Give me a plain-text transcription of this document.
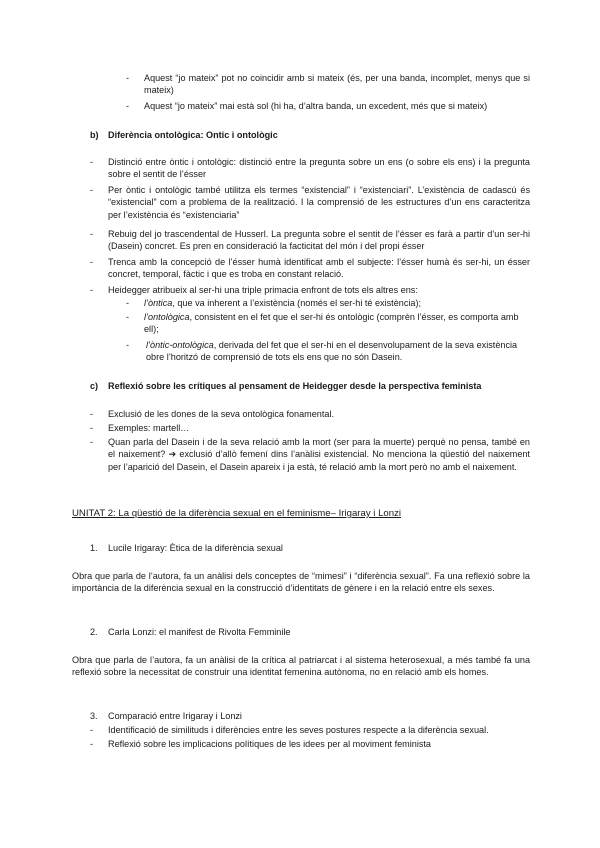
-	Aquest “jo mateix” pot no coincidir amb si mateix (és, per una banda, incomplet, menys que si mateix)
-	Aquest “jo mateix” mai està sol (hi ha, d’altra banda, un excedent, més que si mateix)
b) Diferència ontològica: Ontic i ontològic
-	Distinció entre òntic i ontològic: distinció entre la pregunta sobre un ens (o sobre els ens) i la pregunta sobre el sentit de l’ésser
-	Per òntic i ontològic també utilitza els termes “existencial” i “existenciari”. L’existència de cadascú és “existencial” com a problema de la realització. I la comprensió de les estructures d’un ens caracteritza per l’existència és “existenciaria”
-	Rebuig del jo trascendental de Husserl. La pregunta sobre el sentit de l’ésser es farà a partir d’un ser-hi (Dasein) concret. Es pren en consideració la facticitat del món i del propi ésser
-	Trenca amb la concepció de l’ésser humà identificat amb el subjecte: l’ésser humà és ser-hi, un ésser concret, temporal, fàctic i que es troba en constant relació.
-	Heidegger atribueix al ser-hi una triple primacia enfront de tots els altres ens:
-	l’òntica, que va inherent a l’existència (només el ser-hi té existència);
-	l’ontològica, consistent en el fet que el ser-hi és ontològic (comprèn l’ésser, es comporta amb ell);
-	l’òntic-ontològica, derivada del fet que el ser-hi en el desenvolupament de la seva existència obre l’horitzó de comprensió de tots els ens que no són Dasein.
c) Reflexió sobre les crítiques al pensament de Heidegger desde la perspectiva feminista
-	Exclusió de les dones de la seva ontològica fonamental.
-	Exemples: martell…
-	Quan parla del Dasein i de la seva relació amb la mort (ser para la muerte) perquè no pensa, també en el naixement? ➔ exclusió d’allò femení dins l’anàlisi existencial. No menciona la qüestió del naixement per l’aparició del Dasein, el Dasein apareix i ja està, té relació amb la mort però no amb el naixement.
UNITAT 2: La qüestió de la diferència sexual en el feminisme– Irigaray i Lonzi
1. Lucile Irigaray: Ètica de la diferència sexual
Obra que parla de l’autora, fa un anàlisi dels conceptes de “mimesi” i “diferència sexual”. Fa una reflexió sobre la importància de la diferència sexual en la construcció d’identitats de gènere i en la relació entre els sexes.
2. Carla Lonzi: el manifest de Rivolta Femminile
Obra que parla de l’autora, fa un anàlisi de la crítica al patriarcat i al sistema heterosexual, a més també fa una reflexió sobre la necessitat de construir una identitat femenina autònoma, no en relació amb els homes.
3. Comparació entre Irigaray i Lonzi
-	Identificació de similituds i diferències entre les seves postures respecte a la diferència sexual.
-	Reflexió sobre les implicacions polítiques de les idees per al moviment feminista
